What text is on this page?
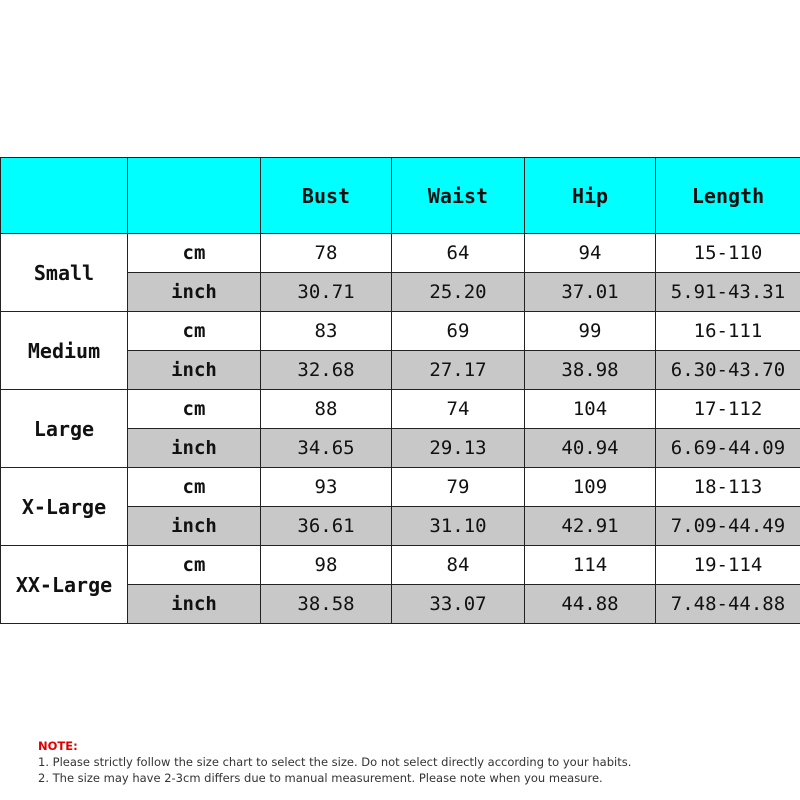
		Bust	Waist	Hip	Length
Small	cm	78	64	94	15-110
	inch	30.71	25.20	37.01	5.91-43.31
Medium	cm	83	69	99	16-111
	inch	32.68	27.17	38.98	6.30-43.70
Large	cm	88	74	104	17-112
	inch	34.65	29.13	40.94	6.69-44.09
X-Large	cm	93	79	109	18-113
	inch	36.61	31.10	42.91	7.09-44.49
XX-Large	cm	98	84	114	19-114
	inch	38.58	33.07	44.88	7.48-44.88
NOTE:
1. Please strictly follow the size chart to select the size. Do not select directly according to your habits.
2. The size may have 2-3cm differs due to manual measurement. Please note when you measure.
